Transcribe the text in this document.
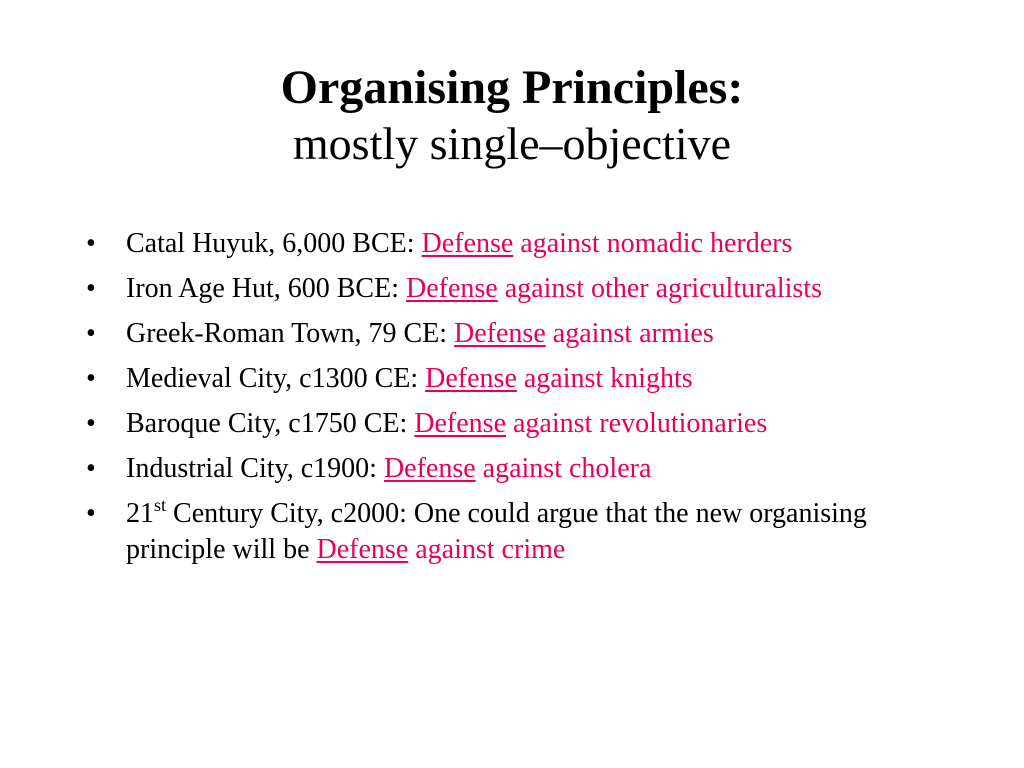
Organising Principles:
mostly single–objective
• Catal Huyuk, 6,000 BCE: Defense against nomadic herders
• Iron Age Hut, 600 BCE: Defense against other agriculturalists
• Greek-Roman Town, 79 CE: Defense against armies
• Medieval City, c1300 CE: Defense against knights
• Baroque City, c1750 CE: Defense against revolutionaries
• Industrial City, c1900: Defense against cholera
• 21st Century City, c2000: One could argue that the new organising principle will be Defense against crime
